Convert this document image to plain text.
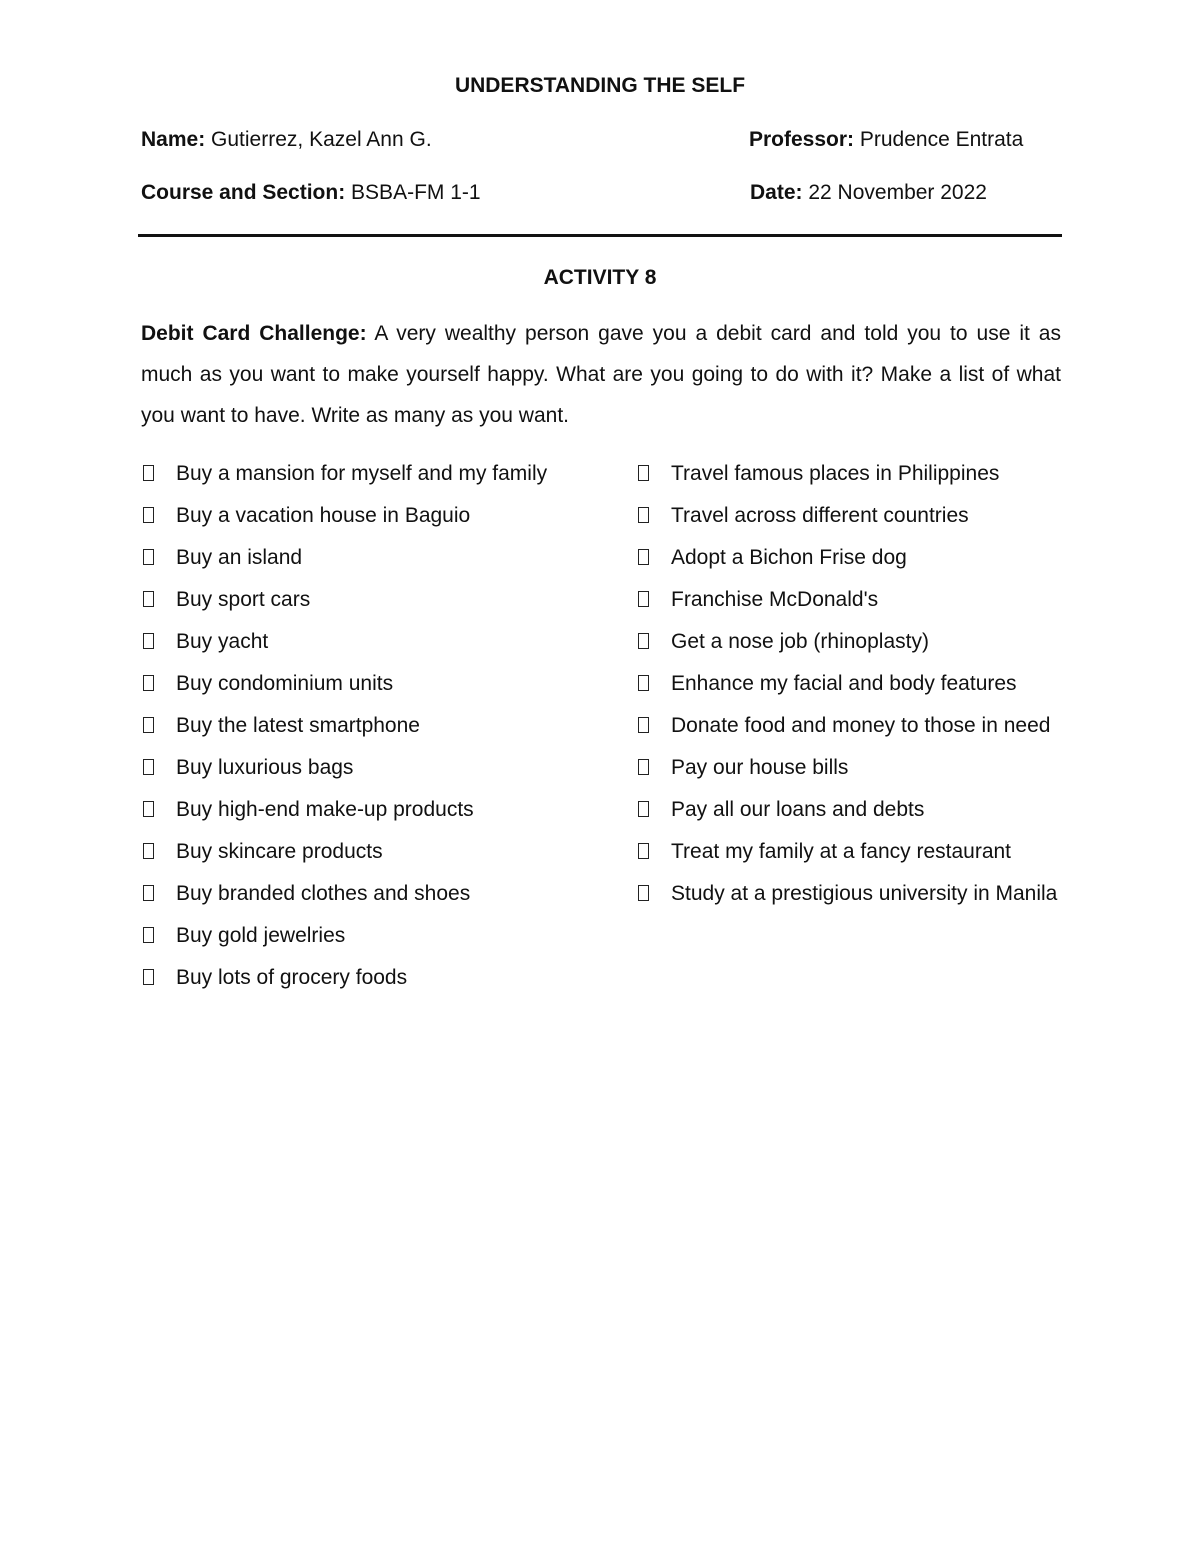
UNDERSTANDING THE SELF
Name: Gutierrez, Kazel Ann G.	Professor: Prudence Entrata
Course and Section: BSBA-FM 1-1	Date: 22 November 2022
ACTIVITY 8
Debit Card Challenge: A very wealthy person gave you a debit card and told you to use it as much as you want to make yourself happy. What are you going to do with it? Make a list of what you want to have. Write as many as you want.
Buy a mansion for myself and my family
Buy a vacation house in Baguio
Buy an island
Buy sport cars
Buy yacht
Buy condominium units
Buy the latest smartphone
Buy luxurious bags
Buy high-end make-up products
Buy skincare products
Buy branded clothes and shoes
Buy gold jewelries
Buy lots of grocery foods
Travel famous places in Philippines
Travel across different countries
Adopt a Bichon Frise dog
Franchise McDonald's
Get a nose job (rhinoplasty)
Enhance my facial and body features
Donate food and money to those in need
Pay our house bills
Pay all our loans and debts
Treat my family at a fancy restaurant
Study at a prestigious university in Manila
